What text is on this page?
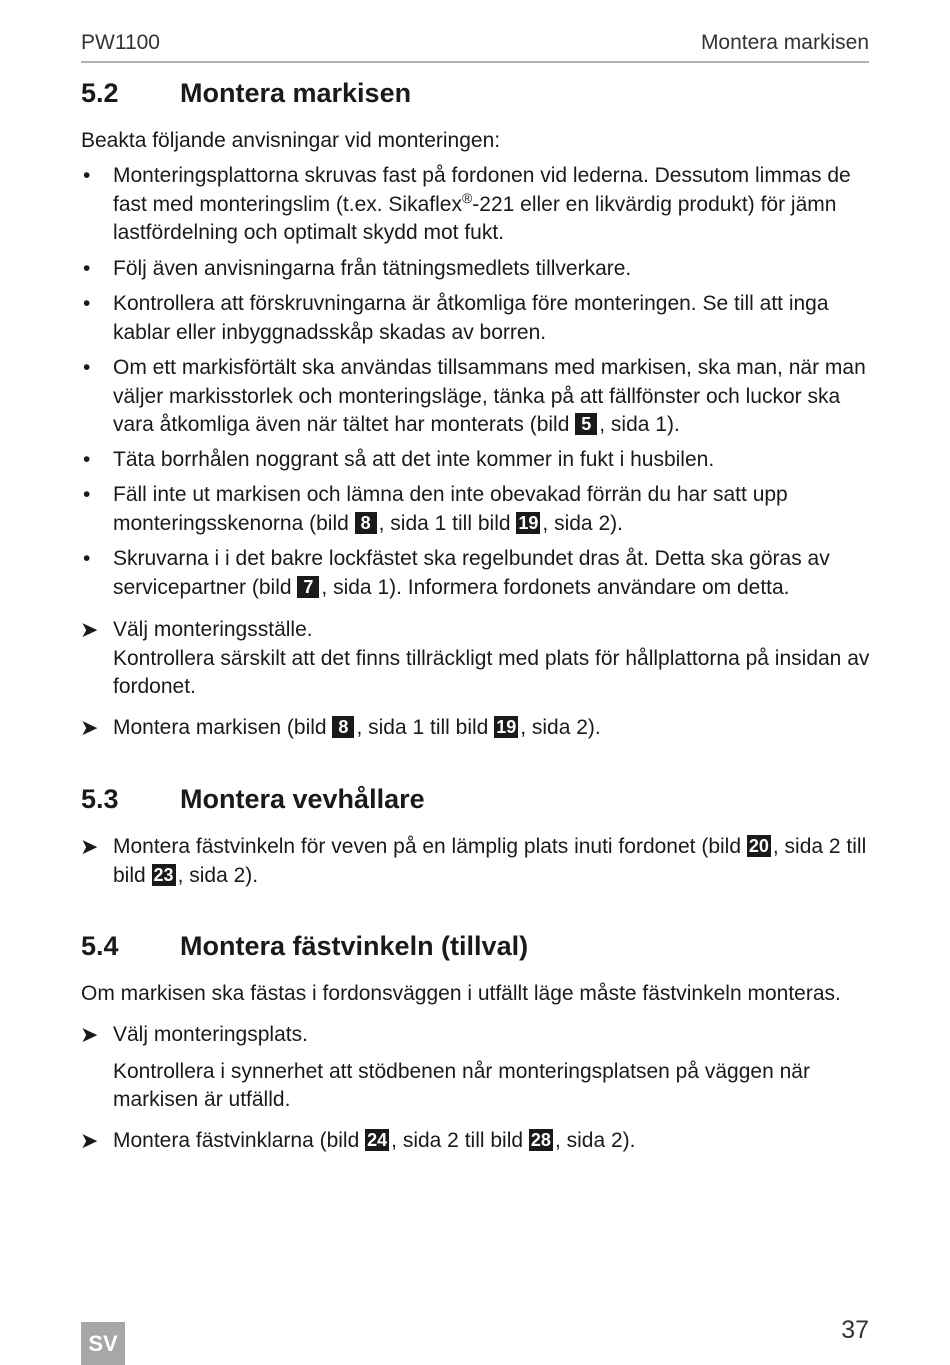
PW1100	Montera markisen
5.2 Montera markisen
Beakta följande anvisningar vid monteringen:
• Monteringsplattorna skruvas fast på fordonen vid lederna. Dessutom limmas de fast med monteringslim (t.ex. Sikaflex®-221 eller en likvärdig produkt) för jämn lastfördelning och optimalt skydd mot fukt.
• Följ även anvisningarna från tätningsmedlets tillverkare.
• Kontrollera att förskruvningarna är åtkomliga före monteringen. Se till att inga kablar eller inbyggnadsskåp skadas av borren.
• Om ett markisförtält ska användas tillsammans med markisen, ska man, när man väljer markisstorlek och monteringsläge, tänka på att fällfönster och luckor ska vara åtkomliga även när tältet har monterats (bild 5 , sida 1).
• Täta borrhålen noggrant så att det inte kommer in fukt i husbilen.
• Fäll inte ut markisen och lämna den inte obevakad förrän du har satt upp monteringsskenorna (bild 8 , sida 1 till bild 19 , sida 2).
• Skruvarna i i det bakre lockfästet ska regelbundet dras åt. Detta ska göras av servicepartner (bild 7 , sida 1). Informera fordonets användare om detta.
➤ Välj monteringsställe.
Kontrollera särskilt att det finns tillräckligt med plats för hållplattorna på insidan av fordonet.
➤ Montera markisen (bild 8 , sida 1 till bild 19 , sida 2).
5.3 Montera vevhållare
➤ Montera fästvinkeln för veven på en lämplig plats inuti fordonet (bild 20 , sida 2 till bild 23 , sida 2).
5.4 Montera fästvinkeln (tillval)
Om markisen ska fästas i fordonsväggen i utfällt läge måste fästvinkeln monteras.
➤ Välj monteringsplats.

Kontrollera i synnerhet att stödbenen når monteringsplatsen på väggen när markisen är utfälld.
➤ Montera fästvinklarna (bild 24 , sida 2 till bild 28 , sida 2).
SV	37
